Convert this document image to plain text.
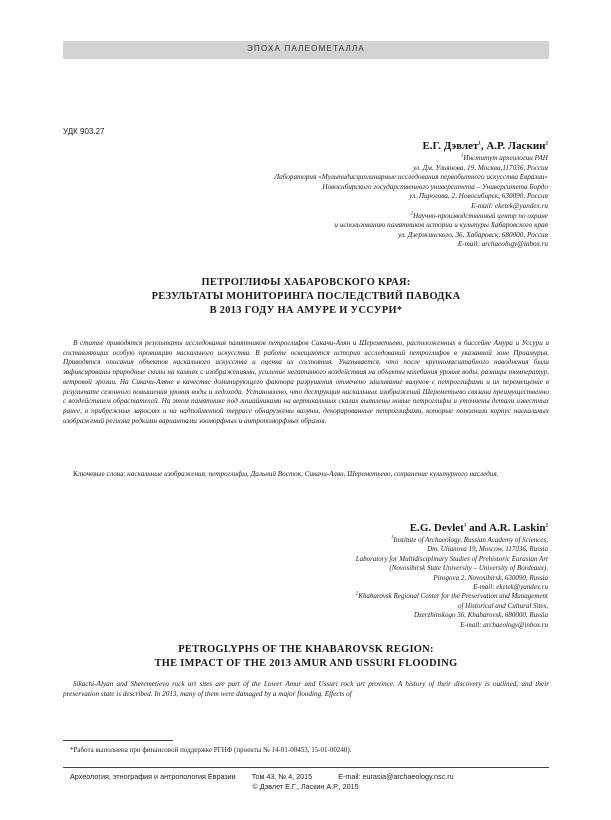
ЭПОХА ПАЛЕОМЕТАЛЛА
УДК 903.27
Е.Г. Дэвлет$^1$, А.Р. Ласкин$^2$
$^1$Институт археологии РАН
ул. Дм. Ульянова, 19, Москва,117036, Россия
Лаборатория «Мультидисциплинарные исследования первобытного искусства Евразии»
Новосибирского государственного университета – Университета Бордо
ул. Пирогова, 2, Новосибирск, 630090, Россия
E-mail: eketek@yandex.ru
$^2$Научно-производственный центр по охране
и использованию памятников истории и культуры Хабаровского края
ул. Дзержинского, 36, Хабаровск, 680000, Россия
E-mail: archaeology@inbox.ru
ПЕТРОГЛИФЫ ХАБАРОВСКОГО КРАЯ:
РЕЗУЛЬТАТЫ МОНИТОРИНГА ПОСЛЕДСТВИЙ ПАВОДКА
В 2013 ГОДУ НА АМУРЕ И УССУРИ*

В статье приводятся результаты исследования памятников петроглифов Сикачи-Алян и Шереметьево, расположенных в бассейне Амура и Уссури и составляющих особую провинцию наскального искусства. В работе освещаются история исследований петроглифов в указанной зоне Приамурья. Приводятся описания объектов наскального искусства и оценка их состояния. Указывается, что после крупномасштабного наводнения были зафиксированы природные сколы на камнях с изображениями, усиление негативного воздействия на объекты колебания уровня воды, разницы температур, ветровой эрозии. На Сикачи-Аляне в качестве доминирующего фактора разрушения отмечено заиливание валунов с петроглифами и их перемещение в результате сезонного повышения уровня воды и ледохода. Установлено, что деструкция наскальных изображений Шереметьево связана преимущественно с воздействием обрастателей. На этом памятнике под лишайниками на вертикальных скалах выявлены новые петроглифы и уточнены детали известных ранее, в прибрежных зарослях и на надпойменной террасе обнаружены валуны, декорированные петроглифами, которые пополнили корпус наскальных изображений региона редкими вариантами зооморфных и антропоморфных образов.

Ключевые слова: наскальные изображения, петроглифы, Дальний Восток, Сикачи-Алян, Шереметьево, сохранение культурного наследия.

E.G. Devlet$^1$ and A.R. Laskin$^2$
$^1$Institute of Archaeology, Russian Academy of Sciences,
Dm. Ulianova 19, Moscow, 117036, Russia
Laboratory for Multidisciplinary Studies of Prehistoric Eurasian Art
(Novosibirsk State University – University of Bordeaux),
Pirogova 2, Novosibirsk, 630090, Russia
E-mail: eketek@yandex.ru
$^2$Khabarovsk Regional Center for the Preservation and Management
of Historical and Cultural Sites,
Dzerzhinskogo 36, Khabarovsk, 680000, Russia
E-mail: archaeology@inbox.ru
PETROGLYPHS OF THE KHABAROVSK REGION:
THE IMPACT OF THE 2013 AMUR AND USSURI FLOODING

Sikachi-Alyan and Sheremetievo rock art sites are part of the Lower Amur and Ussuri rock art province. A history of their discovery is outlined, and their preservation state is described. In 2013, many of them were damaged by a major flooding. Effects of

*Работа выполнена при финансовой поддержке РГНФ (проекты № 14-01-00453, 15-01-00240).
Археология, этнография и антропология Евразии Том 43, № 4, 2015	E-mail: eurasia@archaeology.nsc.ru
© Дэвлет Е.Г., Ласкин А.Р., 2015
